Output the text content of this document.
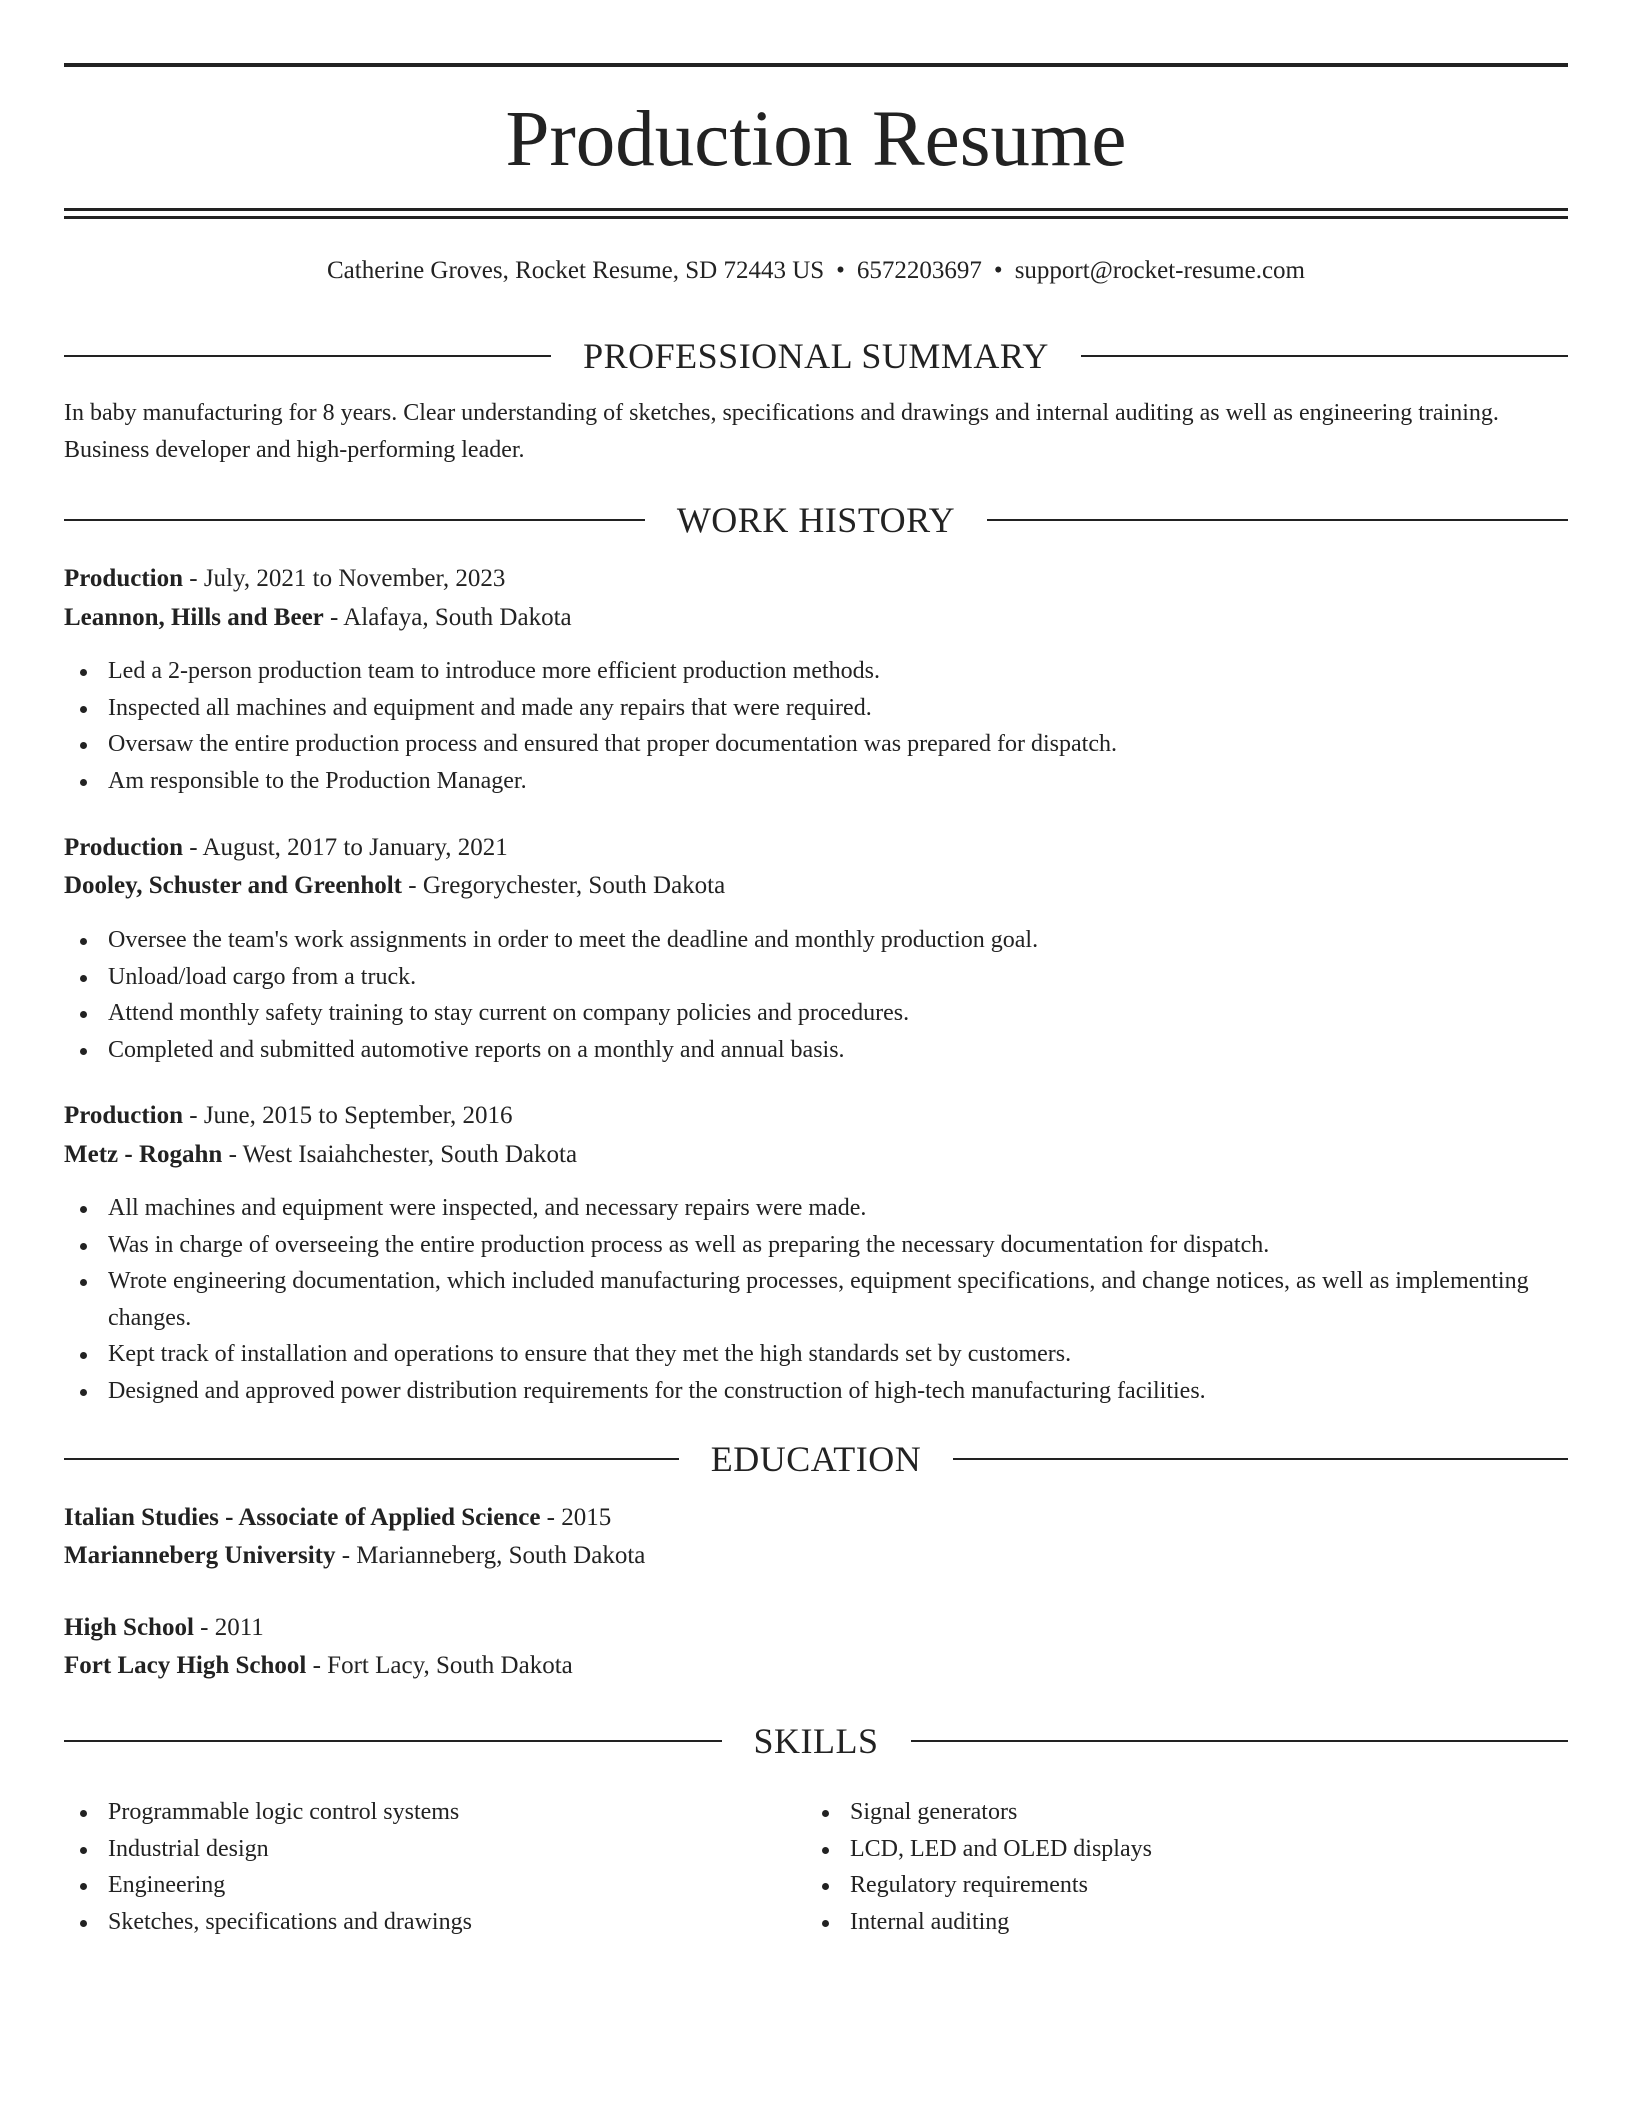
Production Resume
Catherine Groves, Rocket Resume, SD 72443 US • 6572203697 • support@rocket-resume.com
PROFESSIONAL SUMMARY

In baby manufacturing for 8 years. Clear understanding of sketches, specifications and drawings and internal auditing as well as engineering training. Business developer and high-performing leader.

WORK HISTORY
Production - July, 2021 to November, 2023
Leannon, Hills and Beer - Alafaya, South Dakota
Led a 2-person production team to introduce more efficient production methods.
Inspected all machines and equipment and made any repairs that were required.
Oversaw the entire production process and ensured that proper documentation was prepared for dispatch.
Am responsible to the Production Manager.
Production - August, 2017 to January, 2021
Dooley, Schuster and Greenholt - Gregorychester, South Dakota
Oversee the team's work assignments in order to meet the deadline and monthly production goal.
Unload/load cargo from a truck.
Attend monthly safety training to stay current on company policies and procedures.
Completed and submitted automotive reports on a monthly and annual basis.
Production - June, 2015 to September, 2016
Metz - Rogahn - West Isaiahchester, South Dakota
All machines and equipment were inspected, and necessary repairs were made.
Was in charge of overseeing the entire production process as well as preparing the necessary documentation for dispatch.
Wrote engineering documentation, which included manufacturing processes, equipment specifications, and change notices, as well as implementing changes.
Kept track of installation and operations to ensure that they met the high standards set by customers.
Designed and approved power distribution requirements for the construction of high-tech manufacturing facilities.
EDUCATION
Italian Studies - Associate of Applied Science - 2015
Marianneberg University - Marianneberg, South Dakota
High School - 2011
Fort Lacy High School - Fort Lacy, South Dakota
SKILLS
Programmable logic control systems
Industrial design
Engineering
Sketches, specifications and drawings
Signal generators
LCD, LED and OLED displays
Regulatory requirements
Internal auditing
